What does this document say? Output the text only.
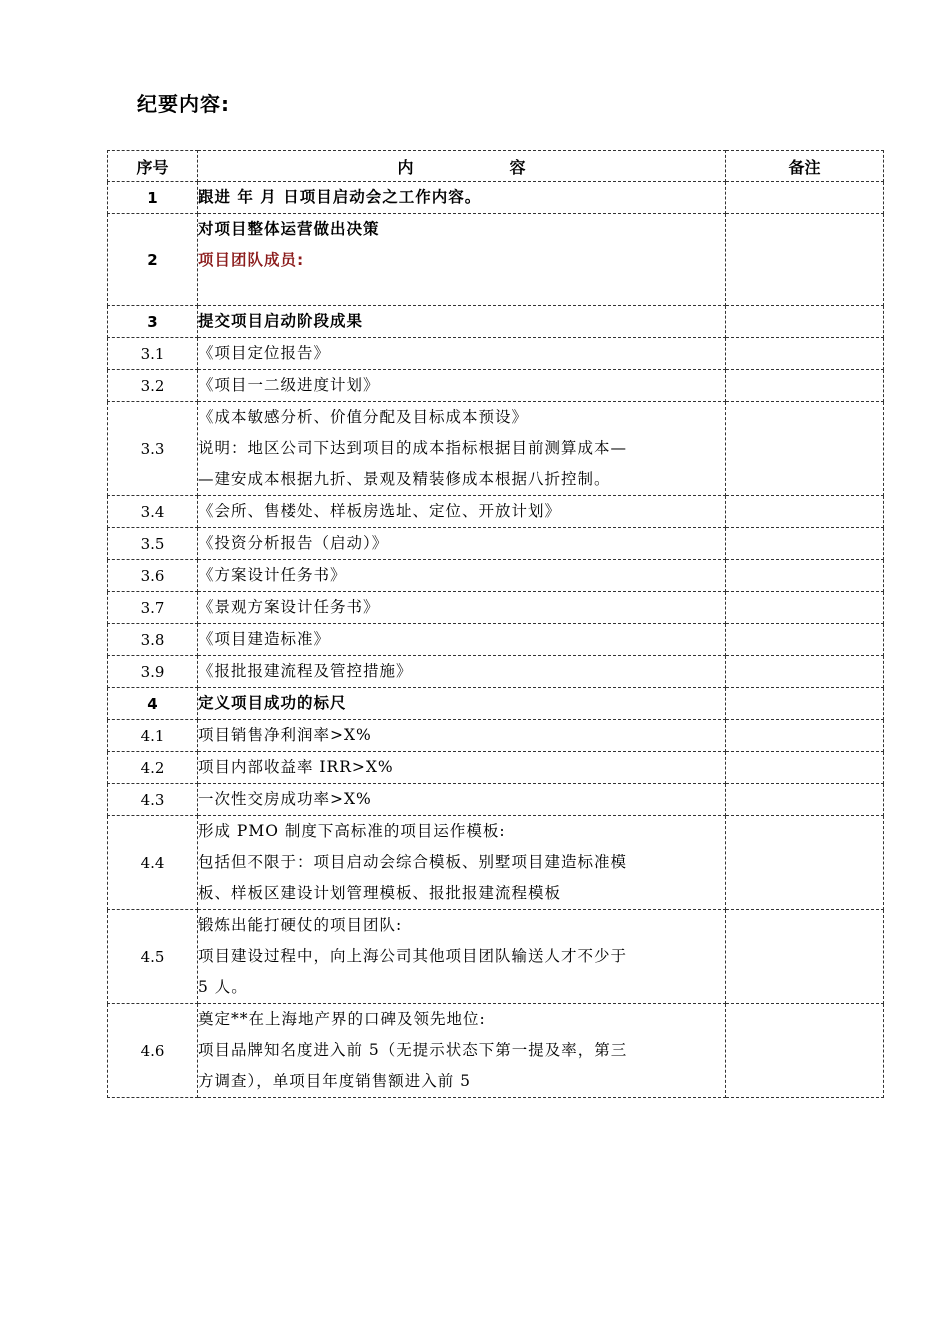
纪要内容:
序号	内 容	备注
1	跟进 年 月 日项目启动会之工作内容。	

2	对项目整体运营做出决策
项目团队成员:	

3	提交项目启动阶段成果	

3.1	《项目定位报告》	

3.2	《项目一二级进度计划》	

3.3	《成本敏感分析、价值分配及目标成本预设》
说明：地区公司下达到项目的成本指标根据目前测算成本—
—建安成本根据九折、景观及精装修成本根据八折控制。	

3.4	《会所、售楼处、样板房选址、定位、开放计划》	

3.5	《投资分析报告（启动）》	

3.6	《方案设计任务书》	

3.7	《景观方案设计任务书》	

3.8	《项目建造标准》	

3.9	《报批报建流程及管控措施》	

4	定义项目成功的标尺	

4.1	项目销售净利润率>X%	

4.2	项目内部收益率 IRR>X%	

4.3	一次性交房成功率>X%	

4.4	形成 PMO 制度下高标准的项目运作模板:
包括但不限于：项目启动会综合模板、别墅项目建造标准模
板、样板区建设计划管理模板、报批报建流程模板	

4.5	锻炼出能打硬仗的项目团队:
项目建设过程中，向上海公司其他项目团队输送人才不少于
5 人。	

4.6	奠定**在上海地产界的口碑及领先地位:
项目品牌知名度进入前 5（无提示状态下第一提及率，第三
方调查），单项目年度销售额进入前 5	
